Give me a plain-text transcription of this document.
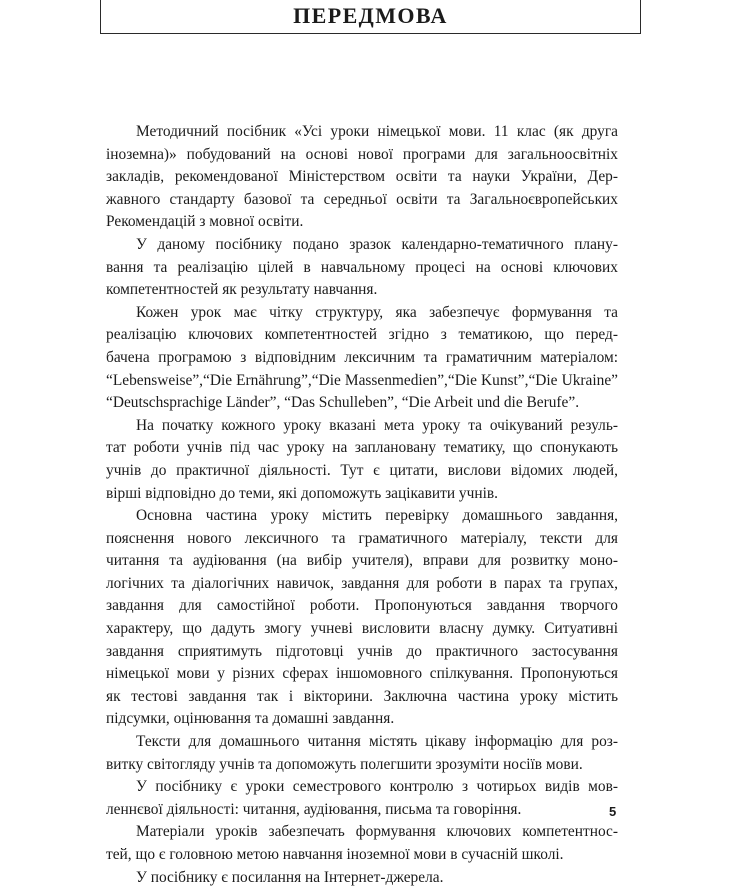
ПЕРЕДМОВА
Методичний посібник «Усі уроки німецької мови. 11 клас (як друга
іноземна)» побудований на основі нової програми для загальноосвітніх
закладів, рекомендованої Міністерством освіти та науки України, Дер-
жавного стандарту базової та середньої освіти та Загальноєвропейських
Рекомендацій з мовної освіти.
У даному посібнику подано зразок календарно-тематичного плану-
вання та реалізацію цілей в навчальному процесі на основі ключових
компетентностей як результату навчання.
Кожен урок має чітку структуру, яка забезпечує формування та
реалізацію ключових компетентностей згідно з тематикою, що перед-
бачена програмою з відповідним лексичним та граматичним матеріалом:
“Lebensweise”,“Die Ernährung”,“Die Massenmedien”,“Die Kunst”,“Die Ukraine”
“Deutschsprachige Länder”, “Das Schulleben”, “Die Arbeit und die Berufe”.
На початку кожного уроку вказані мета уроку та очікуваний резуль-
тат роботи учнів під час уроку на заплановану тематику, що спонукають
учнів до практичної діяльності. Тут є цитати, вислови відомих людей,
вірші відповідно до теми, які допоможуть зацікавити учнів.
Основна частина уроку містить перевірку домашнього завдання,
пояснення нового лексичного та граматичного матеріалу, тексти для
читання та аудіювання (на вибір учителя), вправи для розвитку моно-
логічних та діалогічних навичок, завдання для роботи в парах та групах,
завдання для самостійної роботи. Пропонуються завдання творчого
характеру, що дадуть змогу учневі висловити власну думку. Ситуативні
завдання сприятимуть підготовці учнів до практичного застосування
німецької мови у різних сферах іншомовного спілкування. Пропонуються
як тестові завдання так і вікторини. Заключна частина уроку містить
підсумки, оцінювання та домашні завдання.
Тексти для домашнього читання містять цікаву інформацію для роз-
витку світогляду учнів та допоможуть полегшити зрозуміти носіїв мови.
У посібнику є уроки семестрового контролю з чотирьох видів мов-
леннєвої діяльності: читання, аудіювання, письма та говоріння.
Матеріали уроків забезпечать формування ключових компетентнос-
тей, що є головною метою навчання іноземної мови в сучасній школі.
У посібнику є посилання на Інтернет-джерела.
5
